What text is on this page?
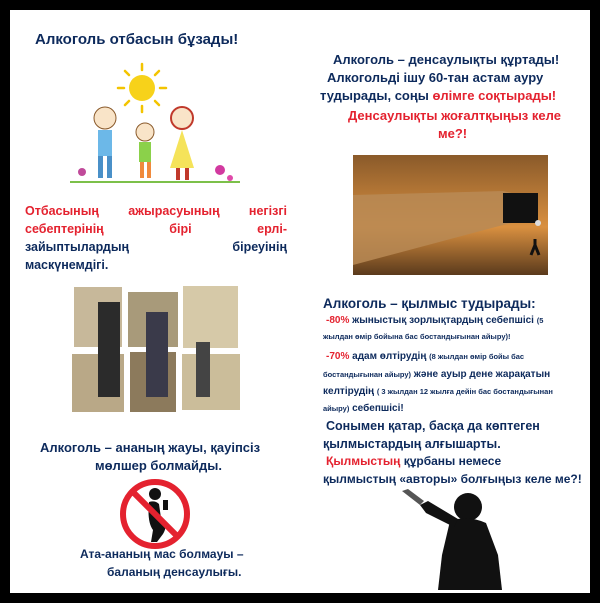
Алкоголь отбасын бұзады!
Отбасының ажырасуының негізгі
себептерінің бірі ерлі-
зайыптылардың біреуінің
маскүнемдігі.
Алкоголь – ананың жауы, қауіпсіз
мөлшер болмайды.
Ата-ананың мас болмауы –
баланың денсаулығы.
Алкоголь – денсаулықты құртады!
Алкогольді ішу 60-тан астам ауру
тудырады, соңы өлімге соқтырады!
Денсаулықты жоғалтқыңыз келе
ме?!
Алкоголь – қылмыс тудырады:
-80% жыныстық зорлықтардың себепшісі (5
жылдан өмір бойына бас бостандығынан айыру)!
-70% адам өлтірудің (8 жылдан өмір бойы бас
бостандығынан айыру) және ауыр дене жарақатын
келтірудің ( 3 жылдан 12 жылға дейін бас бостандығынан
айыру) себепшісі!
Сонымен қатар, басқа да көптеген
қылмыстардың алғышарты.
Қылмыстың құрбаны немесе
қылмыстың «авторы» болғыңыз келе ме?!
